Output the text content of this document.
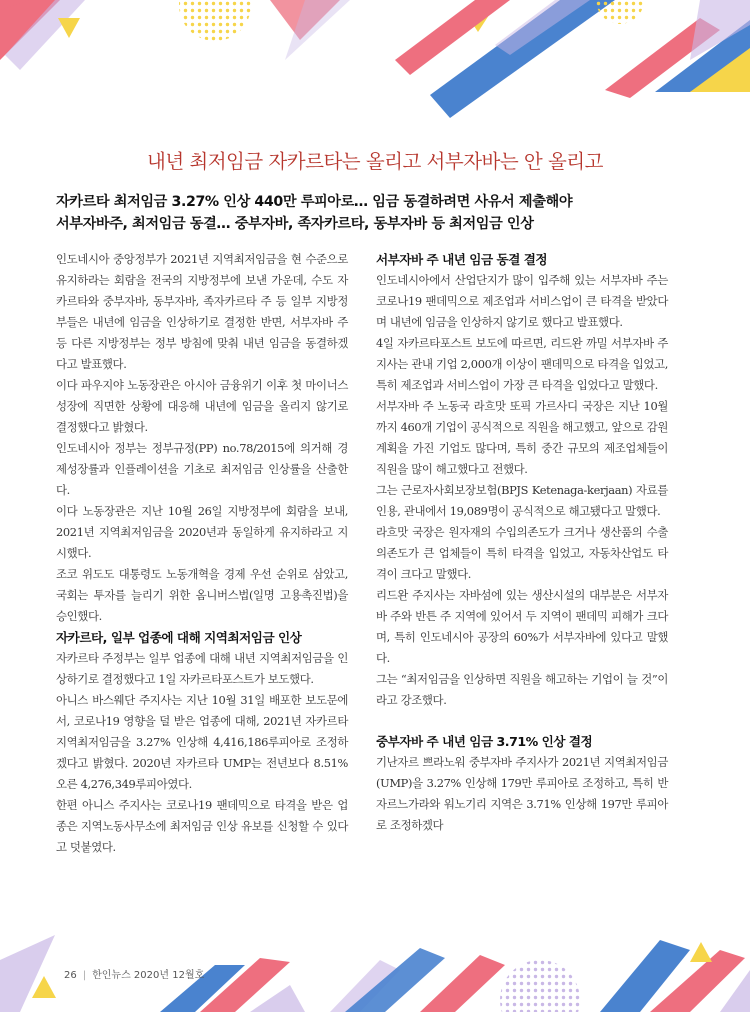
내년 최저임금 자카르타는 올리고 서부자바는 안 올리고
자카르타 최저임금 3.27% 인상 440만 루피아로… 임금 동결하려면 사유서 제출해야
서부자바주, 최저임금 동결… 중부자바, 족자카르타, 동부자바 등 최저임금 인상

인도네시아 중앙정부가 2021년 지역최저임금을 현 수준으로 유지하라는 회람을 전국의 지방정부에 보낸 가운데, 수도 자카르타와 중부자바, 동부자바, 족자카르타 주 등 일부 지방정부들은 내년에 임금을 인상하기로 결정한 반면, 서부자바 주 등 다른 지방정부는 정부 방침에 맞춰 내년 임금을 동결하겠다고 발표했다.

이다 파우지야 노동장관은 아시아 금융위기 이후 첫 마이너스 성장에 직면한 상황에 대응해 내년에 임금을 올리지 않기로 결정했다고 밝혔다.

인도네시아 정부는 정부규정(PP) no.78/2015에 의거해 경제성장률과 인플레이션을 기초로 최저임금 인상률을 산출한다.

이다 노동장관은 지난 10월 26일 지방정부에 회람을 보내, 2021년 지역최저임금을 2020년과 동일하게 유지하라고 지시했다.

조코 위도도 대통령도 노동개혁을 경제 우선 순위로 삼았고, 국회는 투자를 늘리기 위한 옴니버스법(일명 고용촉진법)을 승인했다.

자카르타, 일부 업종에 대해 지역최저임금 인상

자카르타 주정부는 일부 업종에 대해 내년 지역최저임금을 인상하기로 결정했다고 1일 자카르타포스트가 보도했다.

아니스 바스웨단 주지사는 지난 10월 31일 배포한 보도문에서, 코로나19 영향을 덜 받은 업종에 대해, 2021년 자카르타 지역최저임금을 3.27% 인상해 4,416,186루피아로 조정하겠다고 밝혔다. 2020년 자카르타 UMP는 전년보다 8.51% 오른 4,276,349루피아였다.

한편 아니스 주지사는 코로나19 팬데믹으로 타격을 받은 업종은 지역노동사무소에 최저임금 인상 유보를 신청할 수 있다고 덧붙였다.

서부자바 주 내년 임금 동결 결정

인도네시아에서 산업단지가 많이 입주해 있는 서부자바 주는 코로나19 팬데믹으로 제조업과 서비스업이 큰 타격을 받았다며 내년에 임금을 인상하지 않기로 했다고 발표했다.

4일 자카르타포스트 보도에 따르면, 리드완 까밀 서부자바 주지사는 관내 기업 2,000개 이상이 팬데믹으로 타격을 입었고, 특히 제조업과 서비스업이 가장 큰 타격을 입었다고 말했다.

서부자바 주 노동국 라흐맛 또픽 가르사디 국장은 지난 10월까지 460개 기업이 공식적으로 직원을 해고했고, 앞으로 감원 계획을 가진 기업도 많다며, 특히 중간 규모의 제조업체들이 직원을 많이 해고했다고 전했다.

그는 근로자사회보장보험(BPJS Ketenaga-kerjaan) 자료를 인용, 관내에서 19,089명이 공식적으로 해고됐다고 말했다.

라흐맛 국장은 원자재의 수입의존도가 크거나 생산품의 수출의존도가 큰 업체들이 특히 타격을 입었고, 자동차산업도 타격이 크다고 말했다.

리드완 주지사는 자바섬에 있는 생산시설의 대부분은 서부자바 주와 반튼 주 지역에 있어서 두 지역이 팬데믹 피해가 크다며, 특히 인도네시아 공장의 60%가 서부자바에 있다고 말했다.

그는 “최저임금을 인상하면 직원을 해고하는 기업이 늘 것”이라고 강조했다.

중부자바 주 내년 임금 3.71% 인상 결정

기난자르 쁘라노워 중부자바 주지사가 2021년 지역최저임금(UMP)을 3.27% 인상해 179만 루피아로 조정하고, 특히 반자르느가라와 워노기리 지역은 3.71% 인상해 197만 루피아로 조정하겠다

26 | 한인뉴스 2020년 12월호
